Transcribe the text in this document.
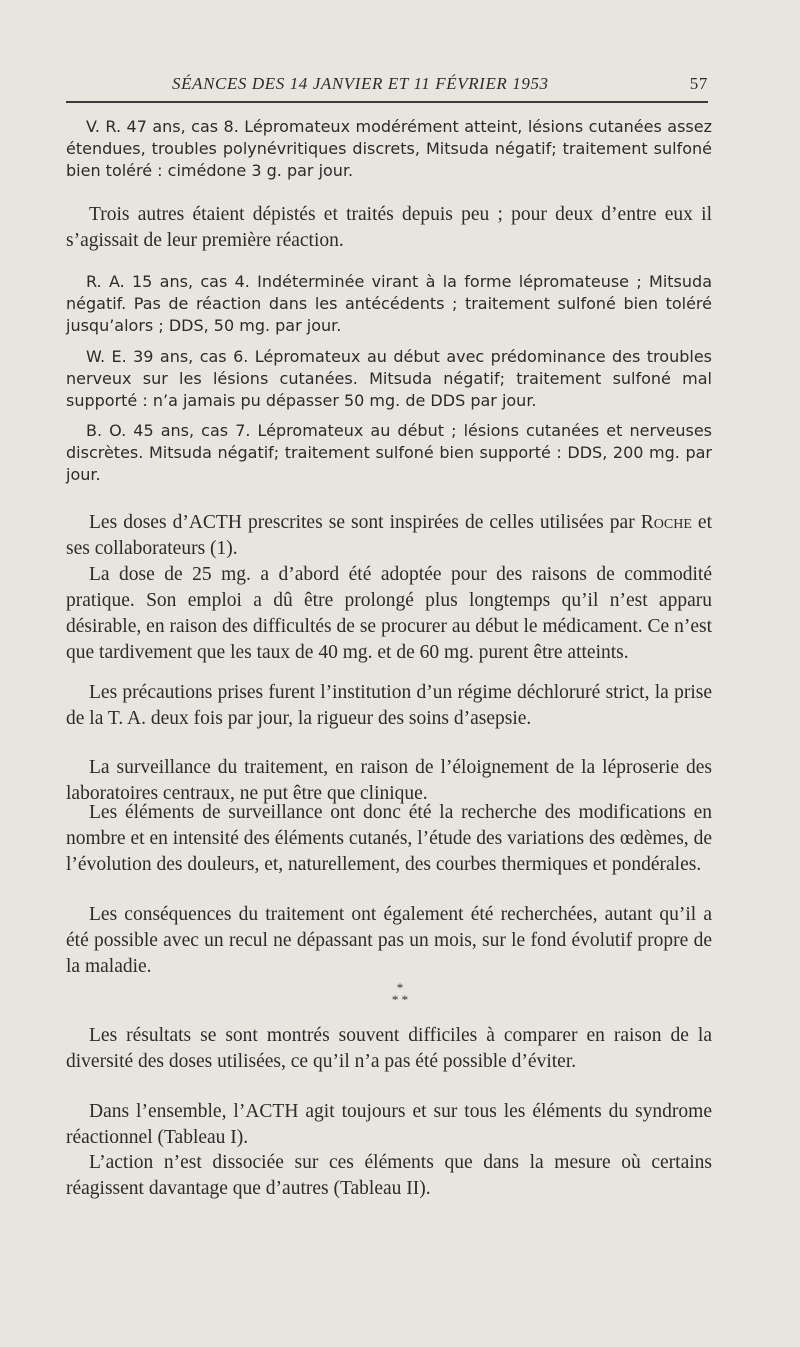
SÉANCES DES 14 JANVIER ET 11 FÉVRIER 1953	57

V. R. 47 ans, cas 8. Lépromateux modérément atteint, lésions cutanées assez étendues, troubles polynévritiques discrets, Mitsuda négatif; traitement sulfoné bien toléré : cimédone 3 g. par jour.

Trois autres étaient dépistés et traités depuis peu ; pour deux d’entre eux il s’agissait de leur première réaction.

R. A. 15 ans, cas 4. Indéterminée virant à la forme lépromateuse ; Mitsuda négatif. Pas de réaction dans les antécédents ; traitement sulfoné bien toléré jusqu’alors ; DDS, 50 mg. par jour.

W. E. 39 ans, cas 6. Lépromateux au début avec prédominance des troubles nerveux sur les lésions cutanées. Mitsuda négatif; traitement sulfoné mal supporté : n’a jamais pu dépasser 50 mg. de DDS par jour.

B. O. 45 ans, cas 7. Lépromateux au début ; lésions cutanées et nerveuses discrètes. Mitsuda négatif; traitement sulfoné bien supporté : DDS, 200 mg. par jour.

Les doses d’ACTH prescrites se sont inspirées de celles utilisées par Roche et ses collaborateurs (1).

La dose de 25 mg. a d’abord été adoptée pour des raisons de commodité pratique. Son emploi a dû être prolongé plus longtemps qu’il n’est apparu désirable, en raison des difficultés de se procurer au début le médicament. Ce n’est que tardivement que les taux de 40 mg. et de 60 mg. purent être atteints.

Les précautions prises furent l’institution d’un régime déchloruré strict, la prise de la T. A. deux fois par jour, la rigueur des soins d’asepsie.

La surveillance du traitement, en raison de l’éloignement de la léproserie des laboratoires centraux, ne put être que clinique.

Les éléments de surveillance ont donc été la recherche des modifications en nombre et en intensité des éléments cutanés, l’étude des variations des œdèmes, de l’évolution des douleurs, et, naturellement, des courbes thermiques et pondérales.

Les conséquences du traitement ont également été recherchées, autant qu’il a été possible avec un recul ne dépassant pas un mois, sur le fond évolutif propre de la maladie.

*
* *

Les résultats se sont montrés souvent difficiles à comparer en raison de la diversité des doses utilisées, ce qu’il n’a pas été possible d’éviter.

Dans l’ensemble, l’ACTH agit toujours et sur tous les éléments du syndrome réactionnel (Tableau I).

L’action n’est dissociée sur ces éléments que dans la mesure où certains réagissent davantage que d’autres (Tableau II).
